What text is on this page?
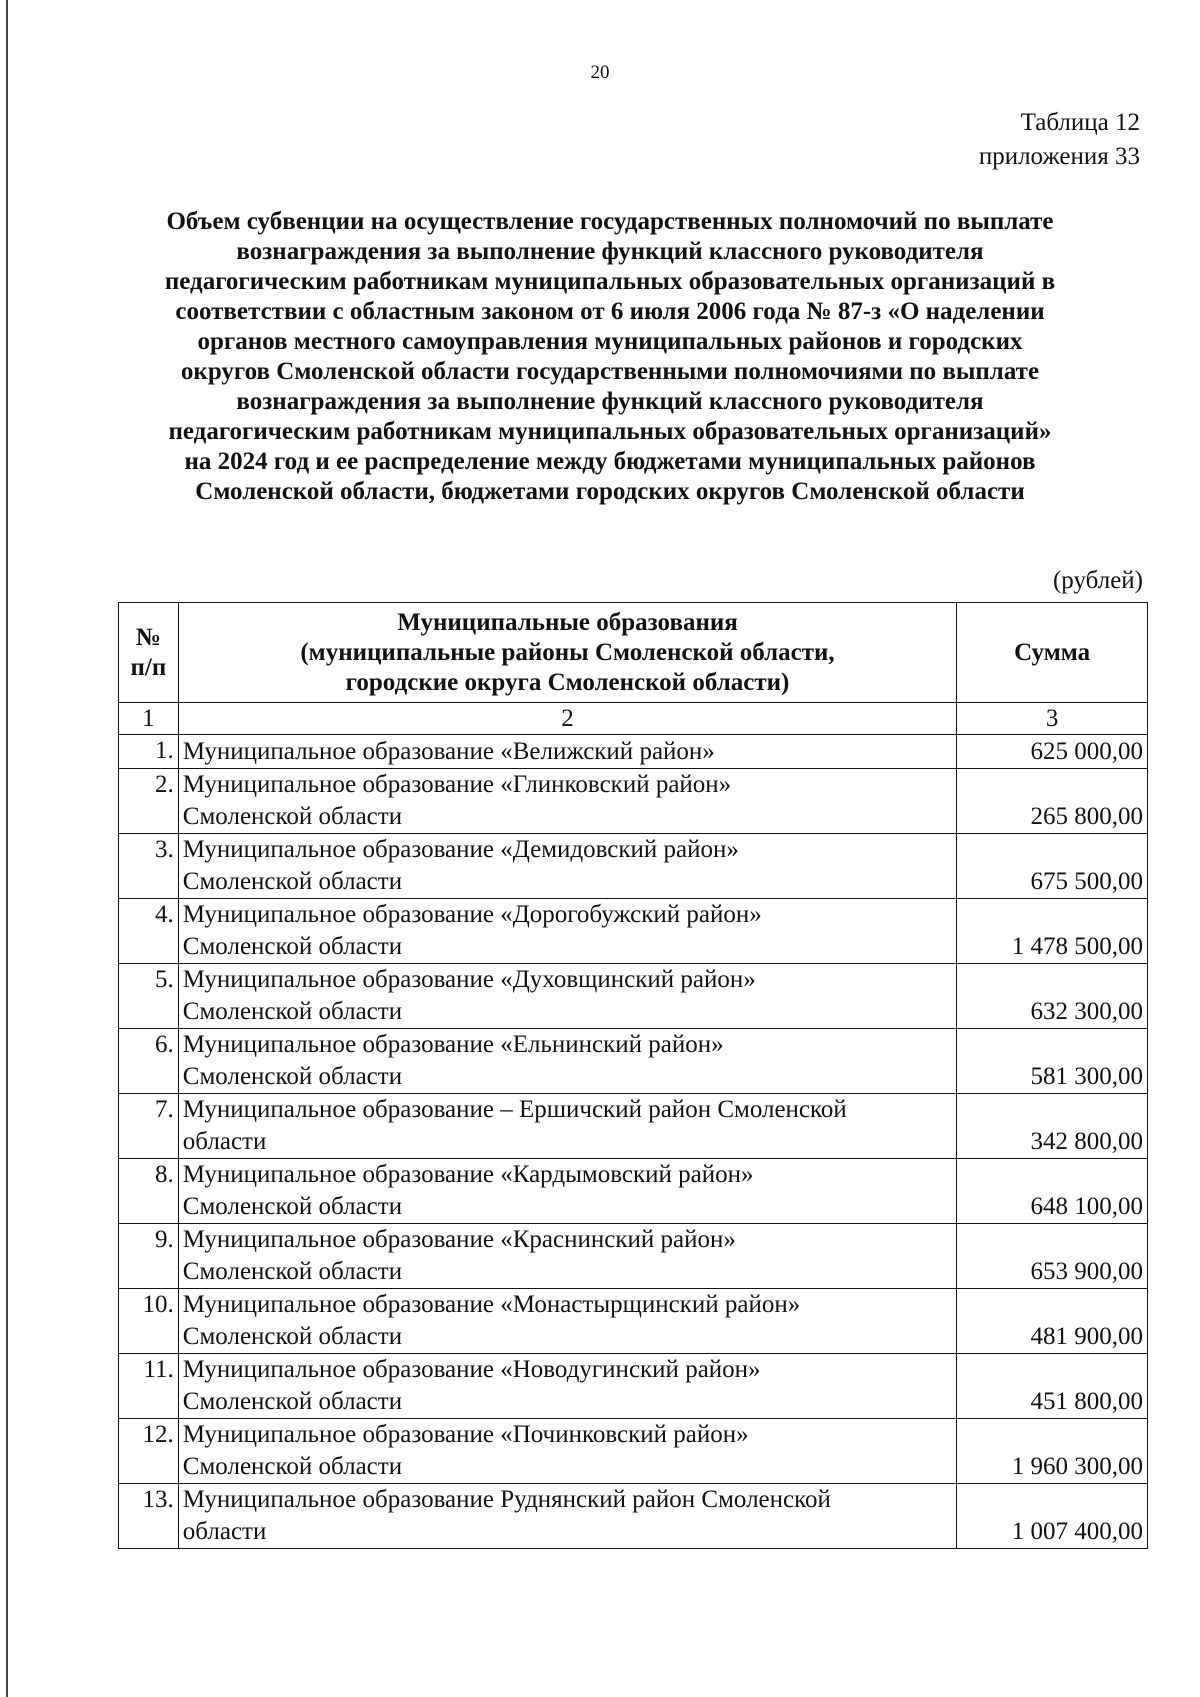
20
Таблица 12
приложения 33
Объем субвенции на осуществление государственных полномочий по выплате
вознаграждения за выполнение функций классного руководителя
педагогическим работникам муниципальных образовательных организаций в
соответствии с областным законом от 6 июля 2006 года № 87-з «О наделении
органов местного самоуправления муниципальных районов и городских
округов Смоленской области государственными полномочиями по выплате
вознаграждения за выполнение функций классного руководителя
педагогическим работникам муниципальных образовательных организаций»
на 2024 год и ее распределение между бюджетами муниципальных районов
Смоленской области, бюджетами городских округов Смоленской области
(рублей)
№
п/п	Муниципальные образования
(муниципальные районы Смоленской области,
городские округа Смоленской области)	Сумма
1	2	3
1.	Муниципальное образование «Велижский район»	625 000,00
2.	Муниципальное образование «Глинковский район»
Смоленской области	265 800,00
3.	Муниципальное образование «Демидовский район»
Смоленской области	675 500,00
4.	Муниципальное образование «Дорогобужский район»
Смоленской области	1 478 500,00
5.	Муниципальное образование «Духовщинский район»
Смоленской области	632 300,00
6.	Муниципальное образование «Ельнинский район»
Смоленской области	581 300,00
7.	Муниципальное образование – Ершичский район Смоленской
области	342 800,00
8.	Муниципальное образование «Кардымовский район»
Смоленской области	648 100,00
9.	Муниципальное образование «Краснинский район»
Смоленской области	653 900,00
10.	Муниципальное образование «Монастырщинский район»
Смоленской области	481 900,00
11.	Муниципальное образование «Новодугинский район»
Смоленской области	451 800,00
12.	Муниципальное образование «Починковский район»
Смоленской области	1 960 300,00
13.	Муниципальное образование Руднянский район Смоленской
области	1 007 400,00
